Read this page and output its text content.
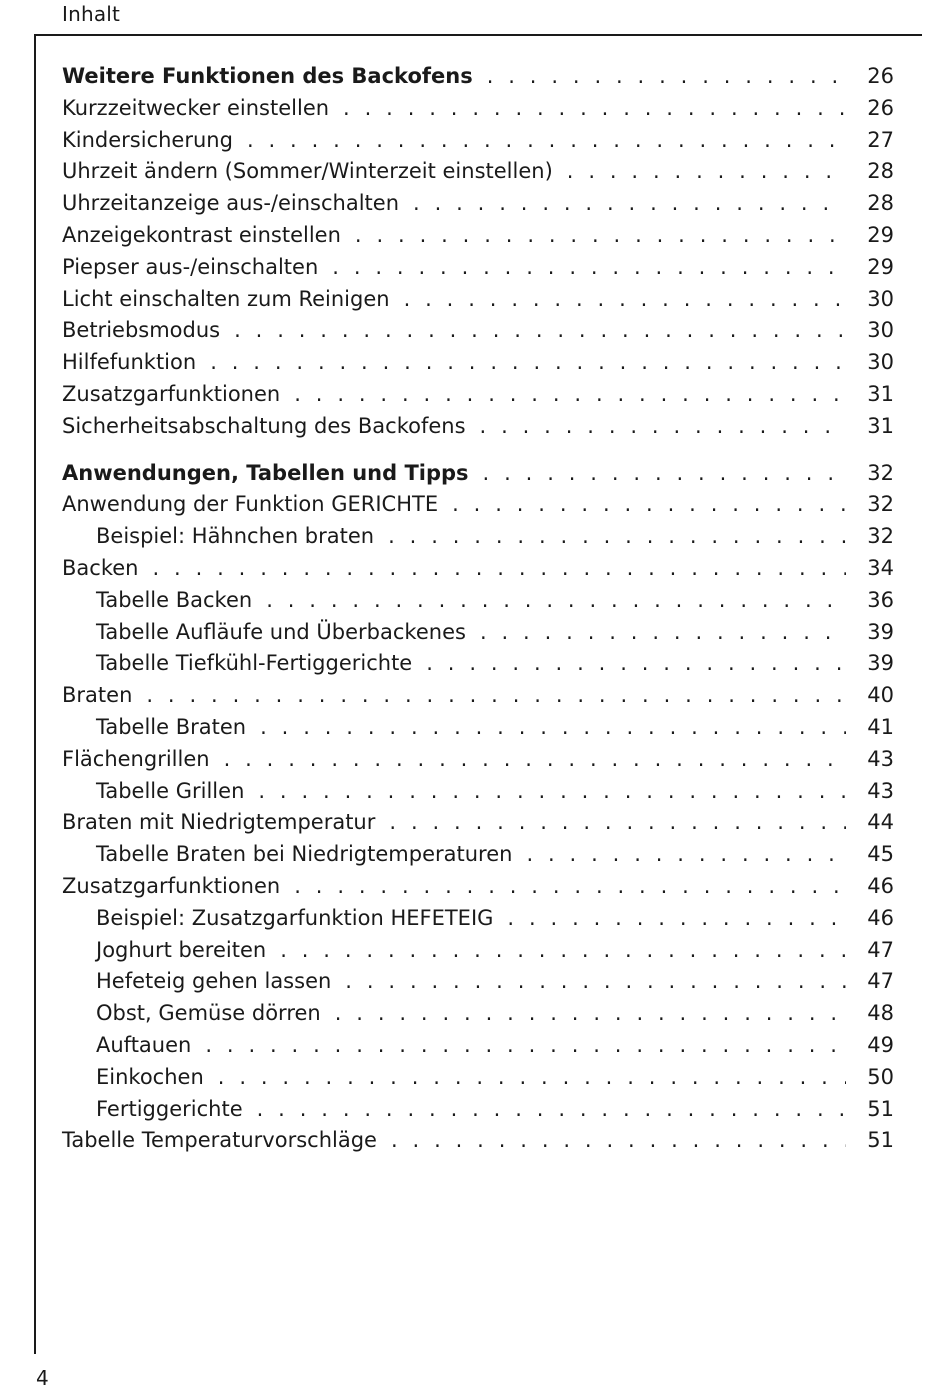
Inhalt
Weitere Funktionen des Backofens . . .	26
Kurzzeitwecker einstellen . . .	26
Kindersicherung . . .	27
Uhrzeit ändern (Sommer/Winterzeit einstellen) . . .	28
Uhrzeitanzeige aus-/einschalten . . .	28
Anzeigekontrast einstellen . . .	29
Piepser aus-/einschalten . . .	29
Licht einschalten zum Reinigen . . .	30
Betriebsmodus . . .	30
Hilfefunktion . . .	30
Zusatzgarfunktionen . . .	31
Sicherheitsabschaltung des Backofens . . .	31
Anwendungen, Tabellen und Tipps . . .	32
Anwendung der Funktion GERICHTE . . .	32
Beispiel: Hähnchen braten . . .	32
Backen . . .	34
Tabelle Backen . . .	36
Tabelle Aufläufe und Überbackenes . . .	39
Tabelle Tiefkühl-Fertiggerichte . . .	39
Braten . . .	40
Tabelle Braten . . .	41
Flächengrillen . . .	43
Tabelle Grillen . . .	43
Braten mit Niedrigtemperatur . . .	44
Tabelle Braten bei Niedrigtemperaturen . . .	45
Zusatzgarfunktionen . . .	46
Beispiel: Zusatzgarfunktion HEFETEIG . . .	46
Joghurt bereiten . . .	47
Hefeteig gehen lassen . . .	47
Obst, Gemüse dörren . . .	48
Auftauen . . .	49
Einkochen . . .	50
Fertiggerichte . . .	51
Tabelle Temperaturvorschläge . . .	51
4
